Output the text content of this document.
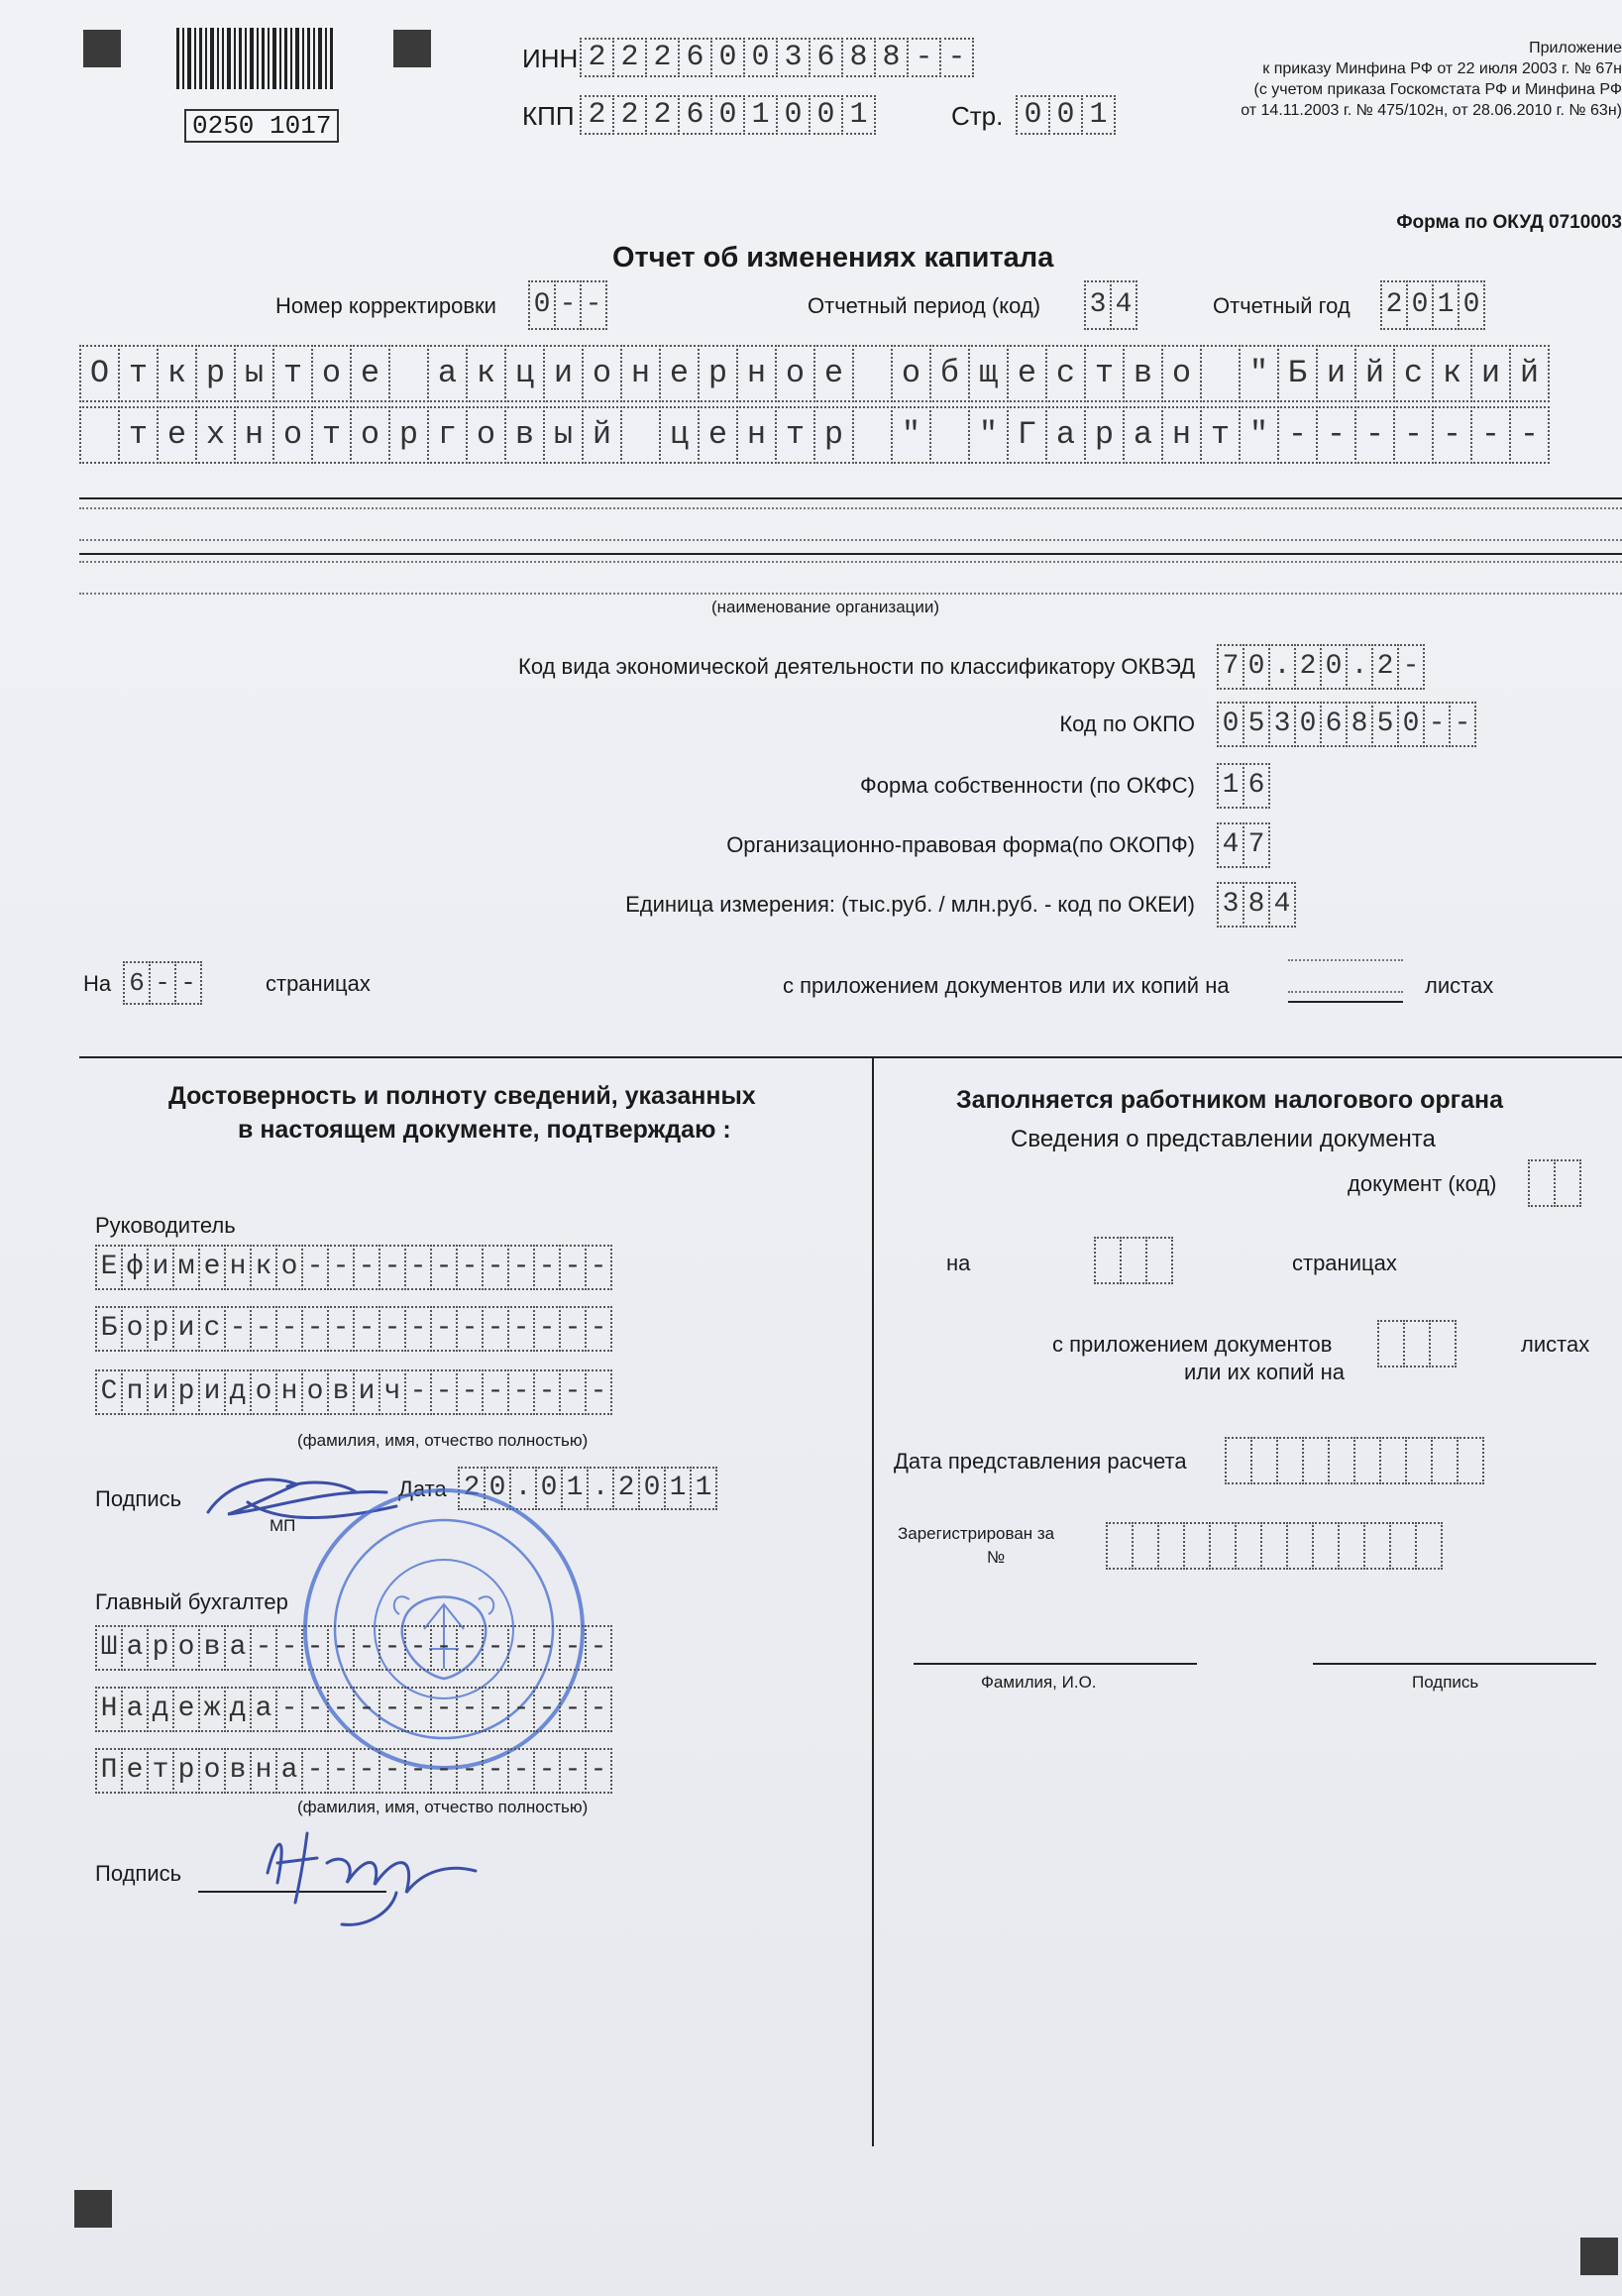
0250 1017
ИНН 2 2 2 6 0 0 3 6 8 8 - -
КПП 2 2 2 6 0 1 0 0 1	Стр. 0 0 1
Приложение
к приказу Минфина РФ от 22 июля 2003 г. № 67н
(с учетом приказа Госкомстата РФ и Минфина РФ
от 14.11.2003 г. № 475/102н, от 28.06.2010 г. № 63н)
Форма по ОКУД 0710003
Отчет об изменениях капитала
Номер корректировки 0 - -	Отчетный период (код) 3 4	Отчетный год 2 0 1 0
О т к р ы т о е	а к ц и о н е р н о е	о б щ е с т в о	" Б и й с к и й
т е х н о т о р г о в ы й	ц е н т р	"	" Г а р а н т " - - - - - - -
(наименование организации)
Код вида экономической деятельности по классификатору ОКВЭД 7 0 . 2 0 . 2 -
Код по ОКПО 0 5 3 0 6 8 5 0 - -
Форма собственности (по ОКФС) 1 6
Организационно-правовая форма(по ОКОПФ) 4 7
Единица измерения: (тыс.руб. / млн.руб. - код по ОКЕИ) 3 8 4
На 6 - -	страницах	с приложением документов или их копий на	листах
Достоверность и полноту сведений, указанных
в настоящем документе, подтверждаю :
Руководитель
Е ф и м е н к о - - - - - - - - - - - -
Б о р и с - - - - - - - - - - - - - - -
С п и р и д о н о в и ч - - - - - - - -
(фамилия, имя, отчество полностью)
Подпись	Дата 2 0 . 0 1 . 2 0 1 1
МП
Главный бухгалтер
Ш а р о в а - - - - - - - - - - - - - -
Н а д е ж д а - - - - - - - - - - - - -
П е т р о в н а - - - - - - - - - - - -
(фамилия, имя, отчество полностью)
Подпись
Заполняется работником налогового органа
Сведения о представлении документа
документ (код)
на	страницах
с приложением документов
или их копий на
листах
Дата представления расчета
Зарегистрирован за
№
Фамилия, И.О.	Подпись
